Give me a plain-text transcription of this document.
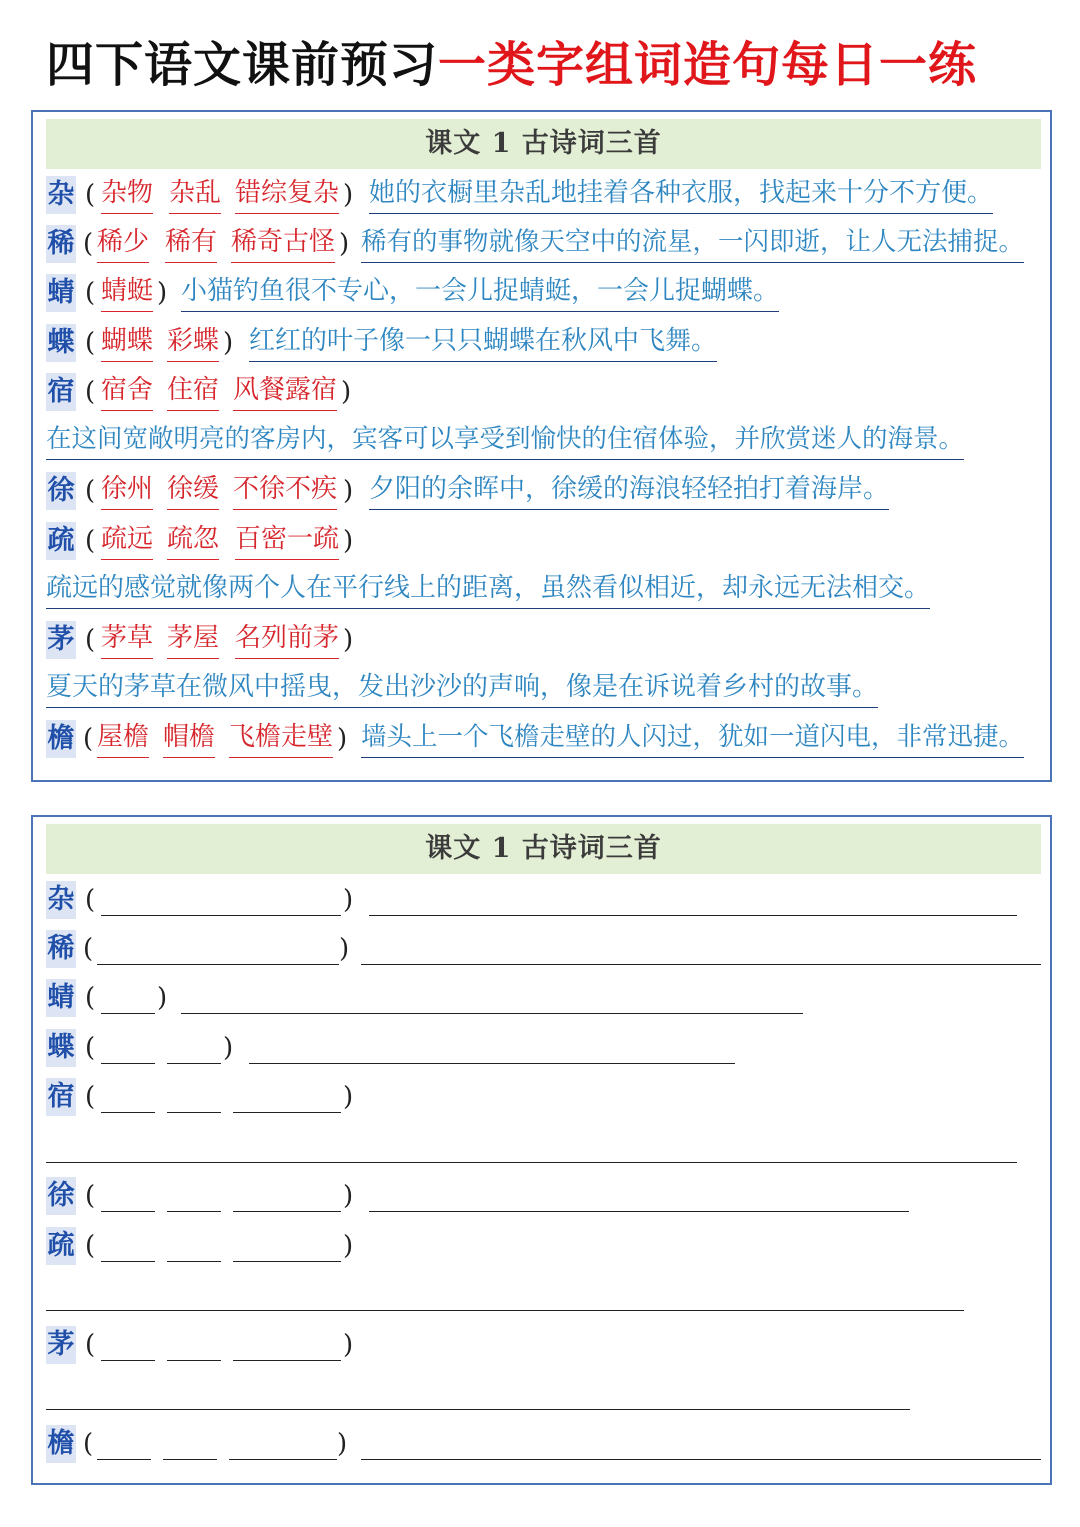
四下语文课前预习一类字组词造句每日一练
课文 1 古诗词三首
杂 ( 杂物 杂乱 错综复杂 ) 她的衣橱里杂乱地挂着各种衣服，找起来十分不方便。
稀 ( 稀少 稀有 稀奇古怪 ) 稀有的事物就像天空中的流星，一闪即逝，让人无法捕捉。
蜻 ( 蜻蜓 ) 小猫钓鱼很不专心，一会儿捉蜻蜓，一会儿捉蝴蝶。
蝶 ( 蝴蝶 彩蝶 ) 红红的叶子像一只只蝴蝶在秋风中飞舞。
宿 ( 宿舍 住宿 风餐露宿 )
在这间宽敞明亮的客房内，宾客可以享受到愉快的住宿体验，并欣赏迷人的海景。
徐 ( 徐州 徐缓 不徐不疾 ) 夕阳的余晖中，徐缓的海浪轻轻拍打着海岸。
疏 ( 疏远 疏忽 百密一疏 )
疏远的感觉就像两个人在平行线上的距离，虽然看似相近，却永远无法相交。
茅 ( 茅草 茅屋 名列前茅 )
夏天的茅草在微风中摇曳，发出沙沙的声响，像是在诉说着乡村的故事。
檐 ( 屋檐 帽檐 飞檐走壁 ) 墙头上一个飞檐走壁的人闪过，犹如一道闪电，非常迅捷。
课文 1 古诗词三首
杂 (	)
稀 (	)
蜻 ( )
蝶 (	)
宿 (	)
徐 (	)
疏 (	)
茅 (	)
檐 (	)
